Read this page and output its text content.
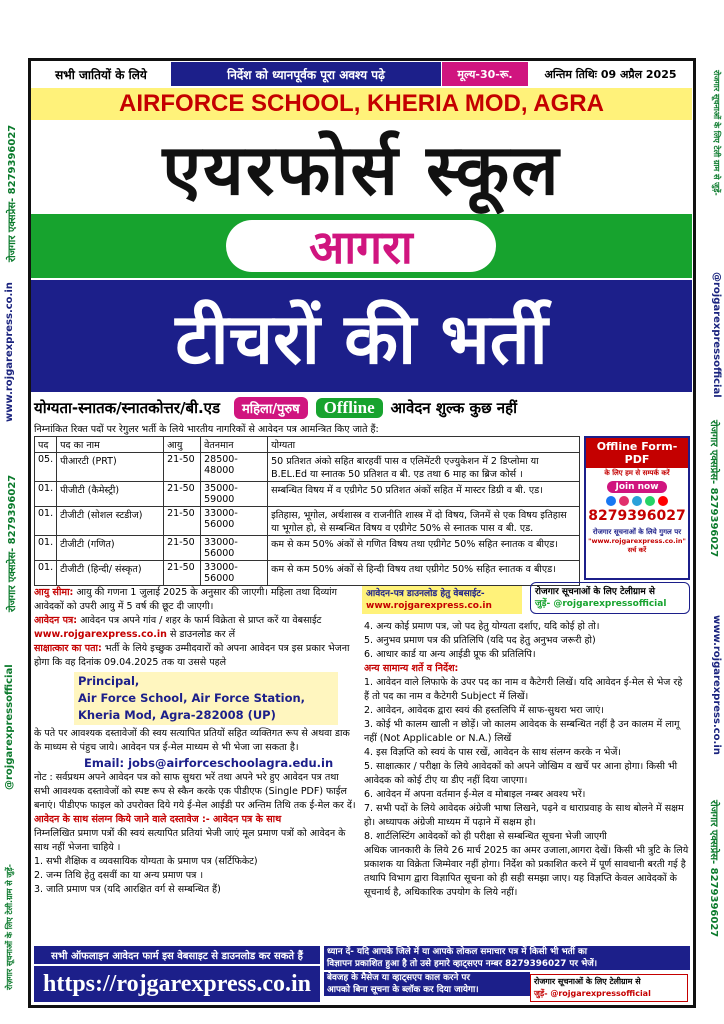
रोजगार एक्सप्रेस- 8279396027
www.rojgarexpress.co.in
रोजगार एक्सप्रेस- 8279396027
@rojgarexpressofficial
रोज़गार सूचनाओं के लिए टेली.ग्राम से जुड़ें-
रोजगार सूचनाओं के लिए टेली ग्राम से जुड़ें-
@rojgarexpressofficial
रोजगार एक्सप्रेस- 8279396027
www.rojgarexpress.co.in
रोजगार एक्सप्रेस- 8279396027
सभी जातियों के लिये	निर्देश को ध्यानपूर्वक पूरा अवश्य पढ़े	मूल्य-30-रू.	अन्तिम तिथिः 09 अप्रैल 2025
AIRFORCE SCHOOL, KHERIA MOD, AGRA
एयरफोर्स स्कूल
आगरा
टीचरों की भर्ती
योग्यता-स्नातक/स्नातकोत्तर/बी.एड	महिला/पुरुष	Offline	आवेदन शुल्क कुछ नहीं
निम्नांकित रिक्त पदों पर रेगुलर भर्ती के लिये भारतीय नागरिकों से आवेदन पत्र आमन्त्रित किए जाते हैं:
पद	पद का नाम	आयु	वेतनमान	योग्यता
05.	पीआरटी (PRT)	21-50	28500-48000	50 प्रतिशत अंको सहित बारहवीं पास व एलिमेंटरी एज्युकेशन में 2 डिप्लोमा या B.EL.Ed या स्नातक 50 प्रतिशत व बी. एड तथा 6 माह का ब्रिज कोर्स ।
01.	पीजीटी (कैमेस्ट्री)	21-50	35000-59000	सम्बन्धित विषय में व एग्रीगेट 50 प्रतिशत अंकों सहित में मास्टर डिग्री व बी. एड।
01.	टीजीटी (सोशल स्टडीज)	21-50	33000-56000	इतिहास, भूगोल, अर्थशास्त्र व राजनीति शास्त्र में दो विषय, जिनमें से एक विषय इतिहास या भूगोल हो, से सम्बन्धित विषय व एग्रीगेट 50% से स्नातक पास व बी. एड.
01.	टीजीटी (गणित)	21-50	33000-56000	कम से कम 50% अंकों से गणित विषय तथा एग्रीगेट 50% सहित स्नातक व बीएड।
01.	टीजीटी (हिन्दी/ संस्कृत)	21-50	33000-56000	कम से कम 50% अंकों से हिन्दी विषय तथा एग्रीगेट 50% सहित स्नातक व बीएड।
Offline Form-PDF
के लिए हम से सम्पर्क करें
Join now
8279396027
रोजगार सूचनाओं के लिये गुगल पर
"www.rojgarexpress.co.in" सर्च करें
आयु सीमा: आयु की गणना 1 जुलाई 2025 के अनुसार की जाएगी। महिला तथा दिव्यांग आवेदकों को उपरी आयु में 5 वर्ष की छूट दी जाएगी।
आवेदन पत्र: आवेदन पत्र अपने गांव / शहर के फार्म विक्रेता से प्राप्त करें या वेबसाईट www.rojgarexpress.co.in से डाउनलोड कर लें
साक्षात्कार का पता: भर्ती के लिये इच्छुक उम्मीदवारों को अपना आवेदन पत्र इस प्रकार भेजना होगा कि वह दिनांक 09.04.2025 तक या उससे पहले
Principal,
Air Force School, Air Force Station,
Kheria Mod, Agra-282008 (UP)
के पते पर आवश्यक दस्तावेजों की स्वय सत्यापित प्रतियों सहित व्यक्तिगत रूप से अथवा डाक के माध्यम से पंहुच जाये। आवेदन पत्र ई-मेल माध्यम से भी भेजा जा सकता है।
Email: jobs@airforceschoolagra.edu.in
नोट : सर्वप्रथम अपने आवेदन पत्र को साफ सुथरा भरें तथा अपने भरे हुए आवेदन पत्र तथा सभी आवश्यक दस्तावेजों को स्पष्ट रूप से स्कैन करके एक पीडीएफ (Single PDF) फाईल बनाएं। पीडीएफ फाइल को उपरोक्त दिये गये ई-मेल आईडी पर अन्तिम तिथि तक ई-मेल कर दें।
आवेदन के साथ संलग्न किये जाने वाले दस्तावेज :- आवेदन पत्र के साथ
निम्नलिखित प्रमाण पत्रों की स्वयं सत्यापित प्रतियां भेजी जाएं मूल प्रमाण पत्रों को आवेदन के साथ नहीं भेजना चाहिये ।
1. सभी शैक्षिक व व्यवसायिक योग्यता के प्रमाण पत्र (सर्टिफिकेट)
2. जन्म तिथि हेतु दसवीं का या अन्य प्रमाण पत्र ।
3. जाति प्रमाण पत्र (यदि आरक्षित वर्ग से सम्बन्धित हैं)
आवेदन-पत्र डाउनलोड हेतु वेबसाईट-
www.rojgarexpress.co.in
रोजगार सूचनाओं के लिए टेलीग्राम से
जुड़ें- @rojgarexpressofficial
4. अन्य कोई प्रमाण पत्र, जो पद हेतु योग्यता दर्शाए, यदि कोई हो तो।
5. अनुभव प्रमाण पत्र की प्रतिलिपि (यदि पद हेतु अनुभव जरूरी हो)
6. आधार कार्ड या अन्य आईडी प्रूफ की प्रतिलिपि।
अन्य सामान्य शर्ते व निर्देश:
1. आवेदन वाले लिफाफे के उपर पद का नाम व कैटेगरी लिखें। यदि आवेदन ई-मेल से भेज रहे हैं तो पद का नाम व कैटेगरी Subject में लिखें।
2. आवेदन, आवेदक द्वारा स्वयं की हस्तलिपि में साफ-सुथरा भरा जाएं।
3. कोई भी कालम खाली न छोड़ें। जो कालम आवेदक के सम्बन्धित नहीं है उन कालम में लागू नहीं (Not Applicable or N.A.) लिखें
4. इस विज्ञप्ति को स्वयं के पास रखें, आवेदन के साथ संलग्न करके न भेजें।
5. साक्षात्कार / परीक्षा के लिये आवेदकों को अपने जोखिम व खर्चे पर आना होगा। किसी भी आवेदक को कोई टीए या डीए नहीं दिया जाएगा।
6. आवेदन में अपना वर्तमान ई-मेल व मोबाइल नम्बर अवश्य भरें।
7. सभी पदों के लिये आवेदक अंग्रेजी भाषा लिखने, पढ़ने व धाराप्रवाह के साथ बोलने में सक्षम हो। अध्यापक अंग्रेजी माध्यम में पढ़ाने में सक्षम हो।
8. शार्टलिस्टिंग आवेदकों को ही परीक्षा से सम्बन्धित सूचना भेजी जाएगी
अधिक जानकारी के लिये 26 मार्च 2025 का अमर उजाला,आगरा देखें। किसी भी त्रुटि के लिये प्रकाशक या विक्रेता जिम्मेवार नहीं होगा। निर्देश को प्रकाशित करने में पूर्ण सावधानी बरती गई है तथापि विभाग द्वारा विज्ञापित सूचना को ही सही समझा जाए। यह विज्ञप्ति केवल आवेदकों के सूचनार्थ है, अधिकारिक उपयोग के लिये नहीं।
सभी ऑफलाइन आवेदन फार्म इस वेबसाइट से डाउनलोड कर सकते हैं
https://rojgarexpress.co.in
ध्यान दें- यदि आपके जिले में या आपके लोकल समाचार पत्र में किसी भी भर्ती का
विज्ञापन प्रकाशित हुआ है तो उसे हमारे व्हाट्सएप नम्बर 8279396027 पर भेजें।
बेवजह के मैसेज या व्हाट्सएप काल करने पर
आपको बिना सूचना के ब्लॉक कर दिया जायेगा।
रोजगार सूचनाओं के लिए टेलीग्राम से
जुड़ें- @rojgarexpressofficial
